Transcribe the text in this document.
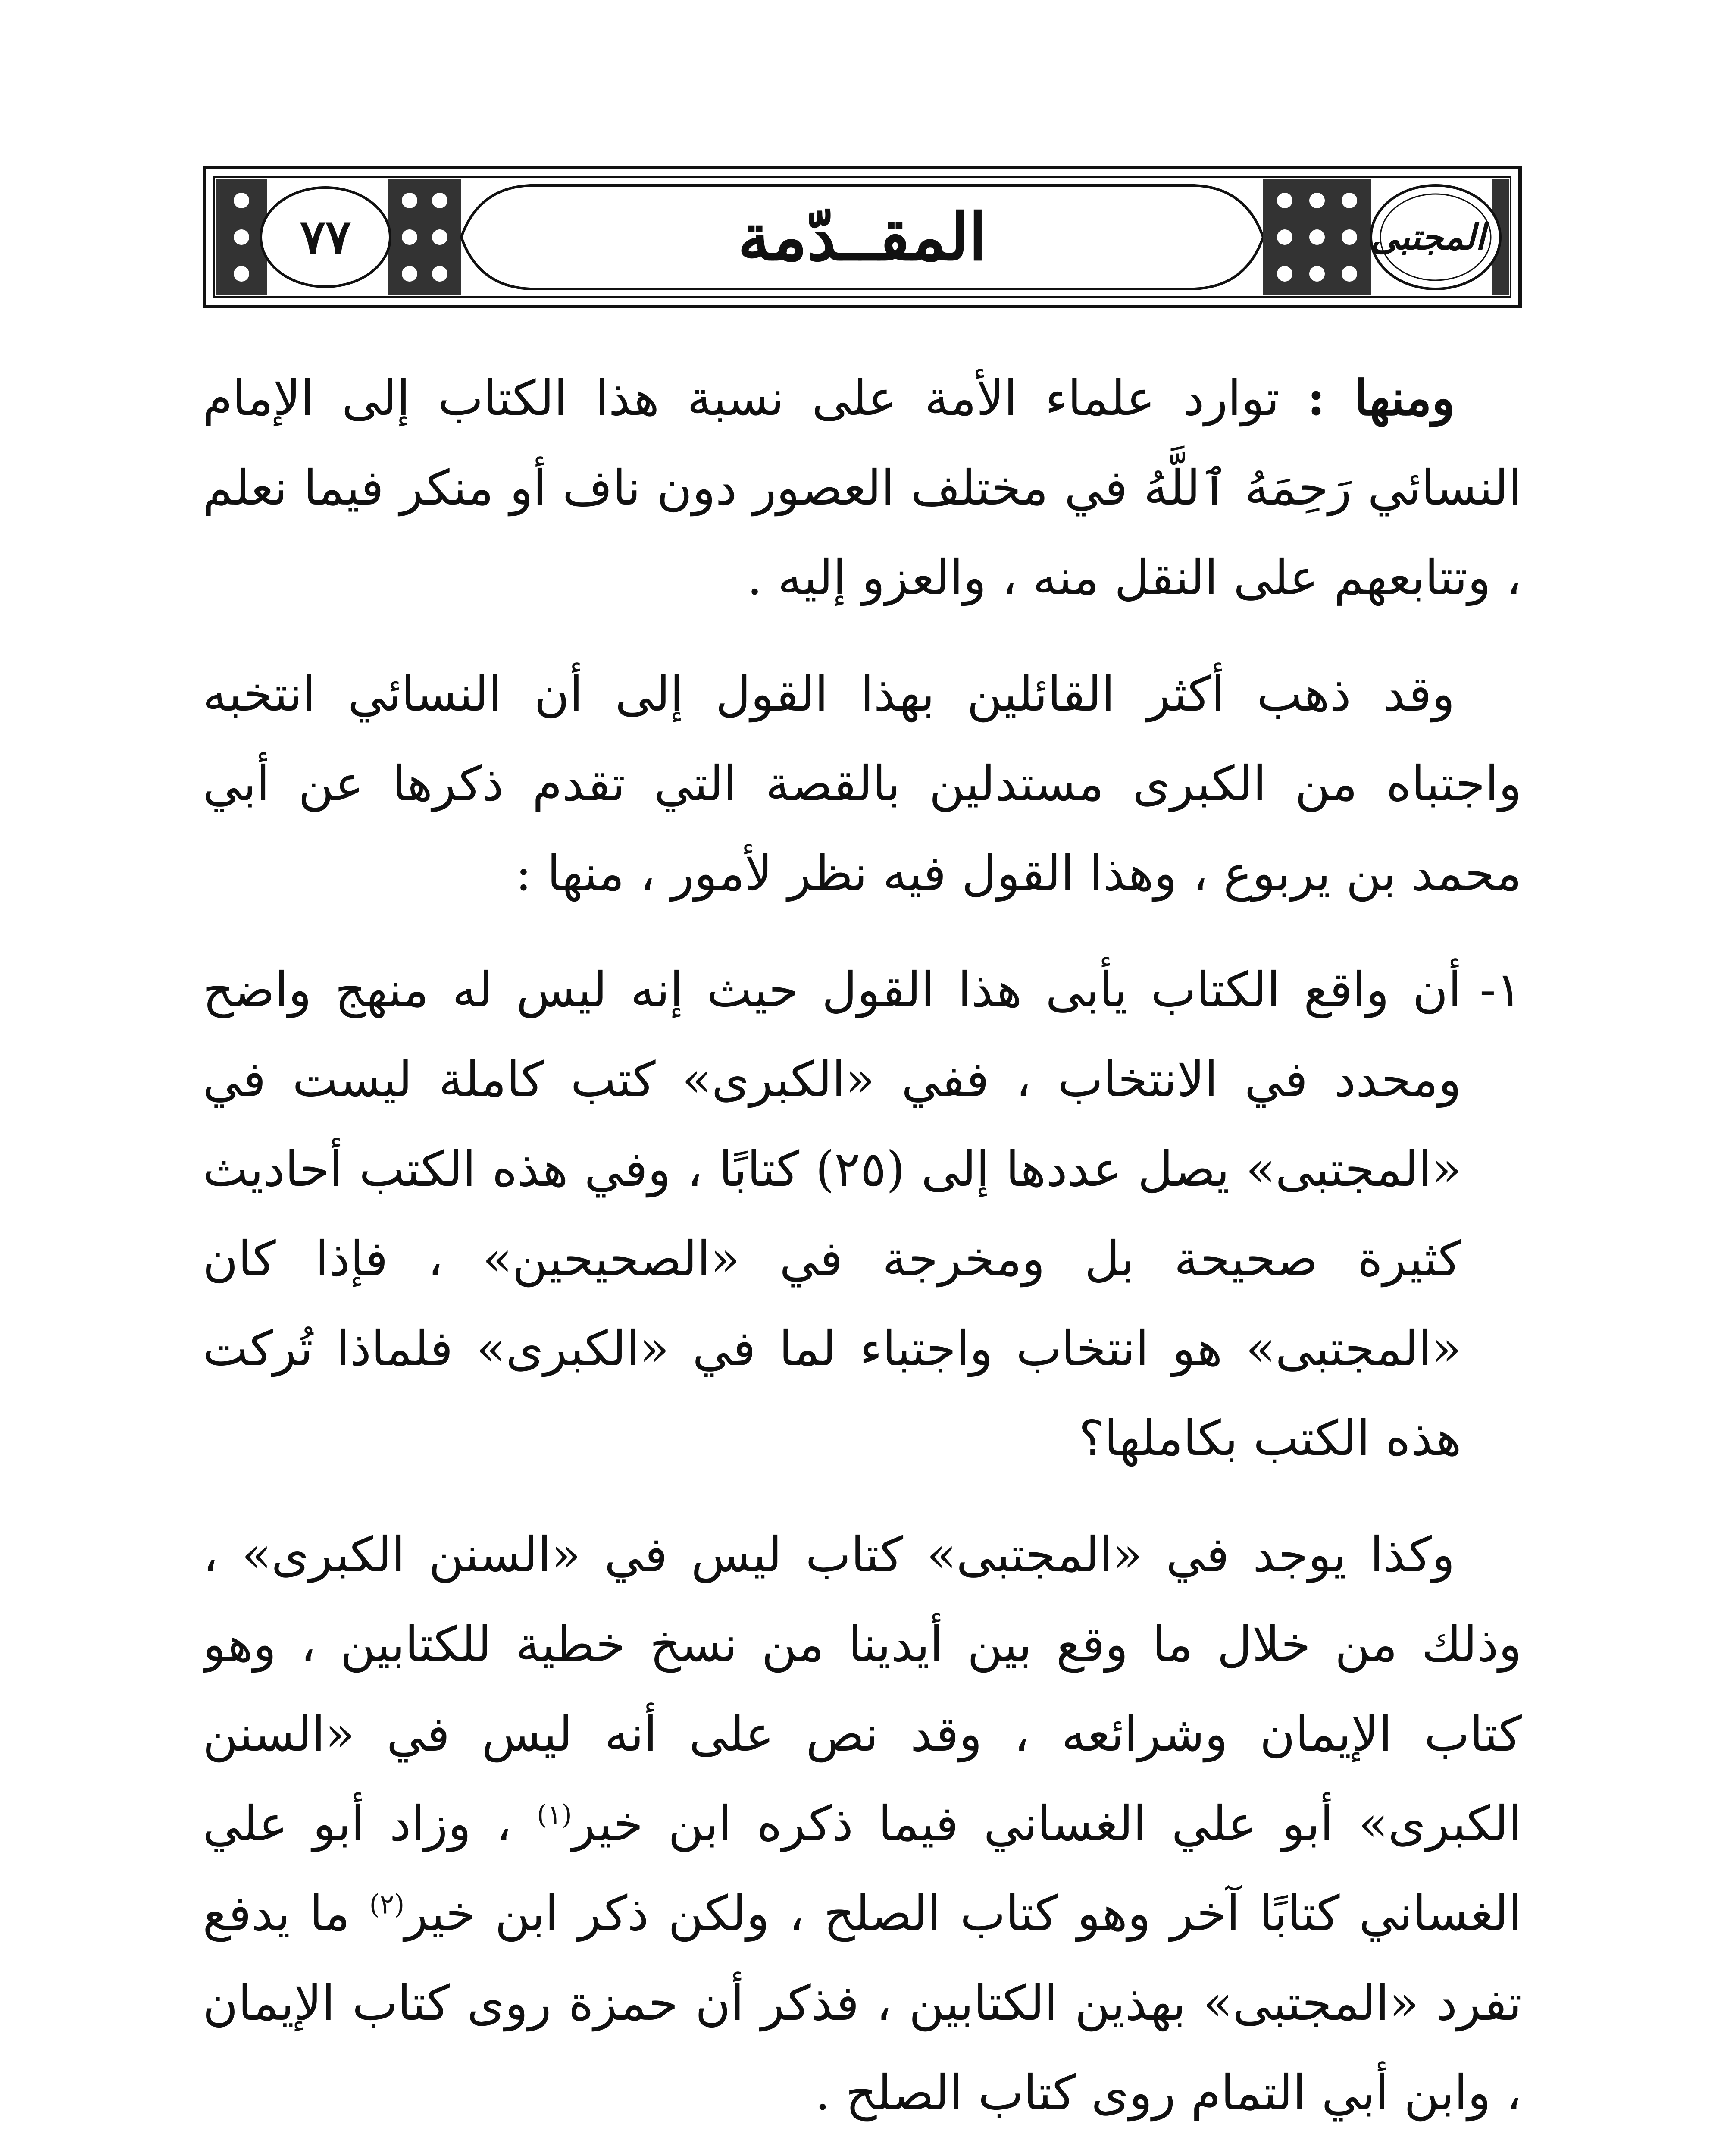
المقــدّمة
٧٧	المجتبى

ومنها : توارد علماء الأمة على نسبة هذا الكتاب إلى الإمام النسائي رَحِمَهُ ٱللَّهُ في مختلف العصور دون ناف أو منكر فيما نعلم ، وتتابعهم على النقل منه ، والعزو إليه .

وقد ذهب أكثر القائلين بهذا القول إلى أن النسائي انتخبه واجتباه من الكبرى مستدلين بالقصة التي تقدم ذكرها عن أبي محمد بن يربوع ، وهذا القول فيه نظر لأمور ، منها :

١-
أن واقع الكتاب يأبى هذا القول حيث إنه ليس له منهج واضح ومحدد في الانتخاب ، ففي «الكبرى» كتب كاملة ليست في «المجتبى» يصل عددها إلى (٢٥) كتابًا ، وفي هذه الكتب أحاديث كثيرة صحيحة بل ومخرجة في «الصحيحين» ، فإذا كان «المجتبى» هو انتخاب واجتباء لما في «الكبرى» فلماذا تُركت هذه الكتب بكاملها؟

وكذا يوجد في «المجتبى» كتاب ليس في «السنن الكبرى» ، وذلك من خلال ما وقع بين أيدينا من نسخ خطية للكتابين ، وهو كتاب الإيمان وشرائعه ، وقد نص على أنه ليس في «السنن الكبرى» أبو علي الغساني فيما ذكره ابن خير$^{(١)}$ ، وزاد أبو علي الغساني كتابًا آخر وهو كتاب الصلح ، ولكن ذكر ابن خير$^{(٢)}$ ما يدفع تفرد «المجتبى» بهذين الكتابين ، فذكر أن حمزة روى كتاب الإيمان ، وابن أبي التمام روى كتاب الصلح .
